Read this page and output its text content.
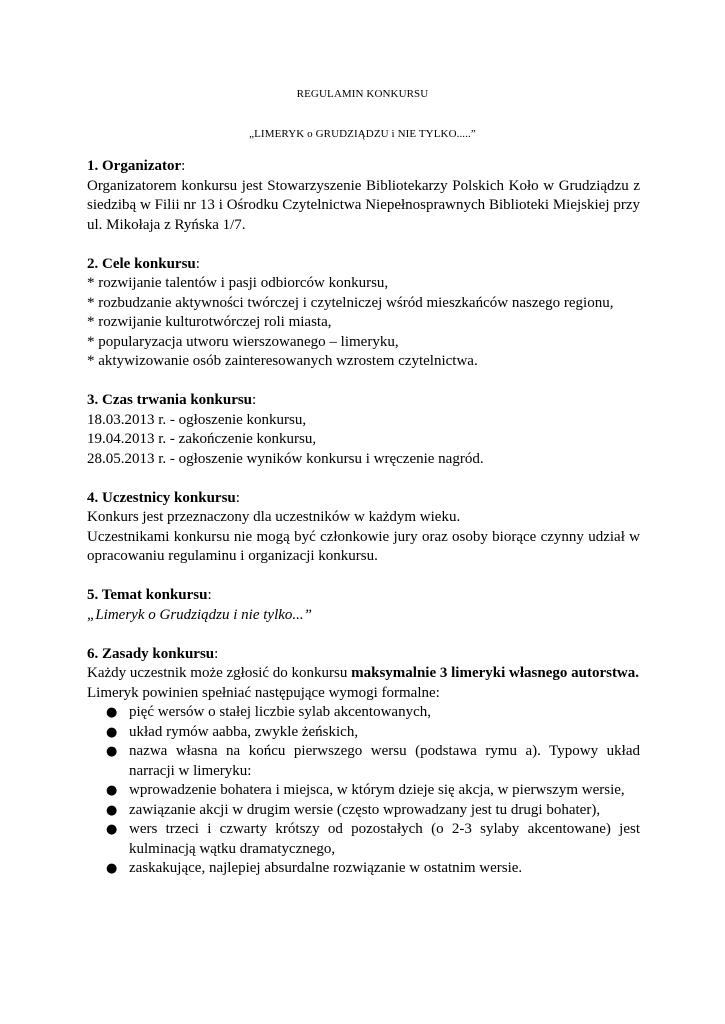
REGULAMIN KONKURSU
„LIMERYK o GRUDZIĄDZU i NIE TYLKO.....”

1. Organizator:

Organizatorem konkursu jest Stowarzyszenie Bibliotekarzy Polskich Koło w Grudziądzu z siedzibą w Filii nr 13 i Ośrodku Czytelnictwa Niepełnosprawnych Biblioteki Miejskiej przy ul. Mikołaja z Ryńska 1/7.

2. Cele konkursu:

* rozwijanie talentów i pasji odbiorców konkursu,

* rozbudzanie aktywności twórczej i czytelniczej wśród mieszkańców naszego regionu,

* rozwijanie kulturotwórczej roli miasta,

* popularyzacja utworu wierszowanego – limeryku,

* aktywizowanie osób zainteresowanych wzrostem czytelnictwa.

3. Czas trwania konkursu:

18.03.2013 r. - ogłoszenie konkursu,

19.04.2013 r. - zakończenie konkursu,

28.05.2013 r. - ogłoszenie wyników konkursu i wręczenie nagród.

4. Uczestnicy konkursu:

Konkurs jest przeznaczony dla uczestników w każdym wieku.

Uczestnikami konkursu nie mogą być członkowie jury oraz osoby biorące czynny udział w opracowaniu regulaminu i organizacji konkursu.

5. Temat konkursu:

„Limeryk o Grudziądzu i nie tylko...”

6. Zasady konkursu:

Każdy uczestnik może zgłosić do konkursu maksymalnie 3 limeryki własnego autorstwa.

Limeryk powinien spełniać następujące wymogi formalne:

● pięć wersów o stałej liczbie sylab akcentowanych,
● układ rymów aabba, zwykle żeńskich,
● nazwa własna na końcu pierwszego wersu (podstawa rymu a). Typowy układ narracji w limeryku:
● wprowadzenie bohatera i miejsca, w którym dzieje się akcja, w pierwszym wersie,
● zawiązanie akcji w drugim wersie (często wprowadzany jest tu drugi bohater),
● wers trzeci i czwarty krótszy od pozostałych (o 2-3 sylaby akcentowane) jest kulminacją wątku dramatycznego,
● zaskakujące, najlepiej absurdalne rozwiązanie w ostatnim wersie.
